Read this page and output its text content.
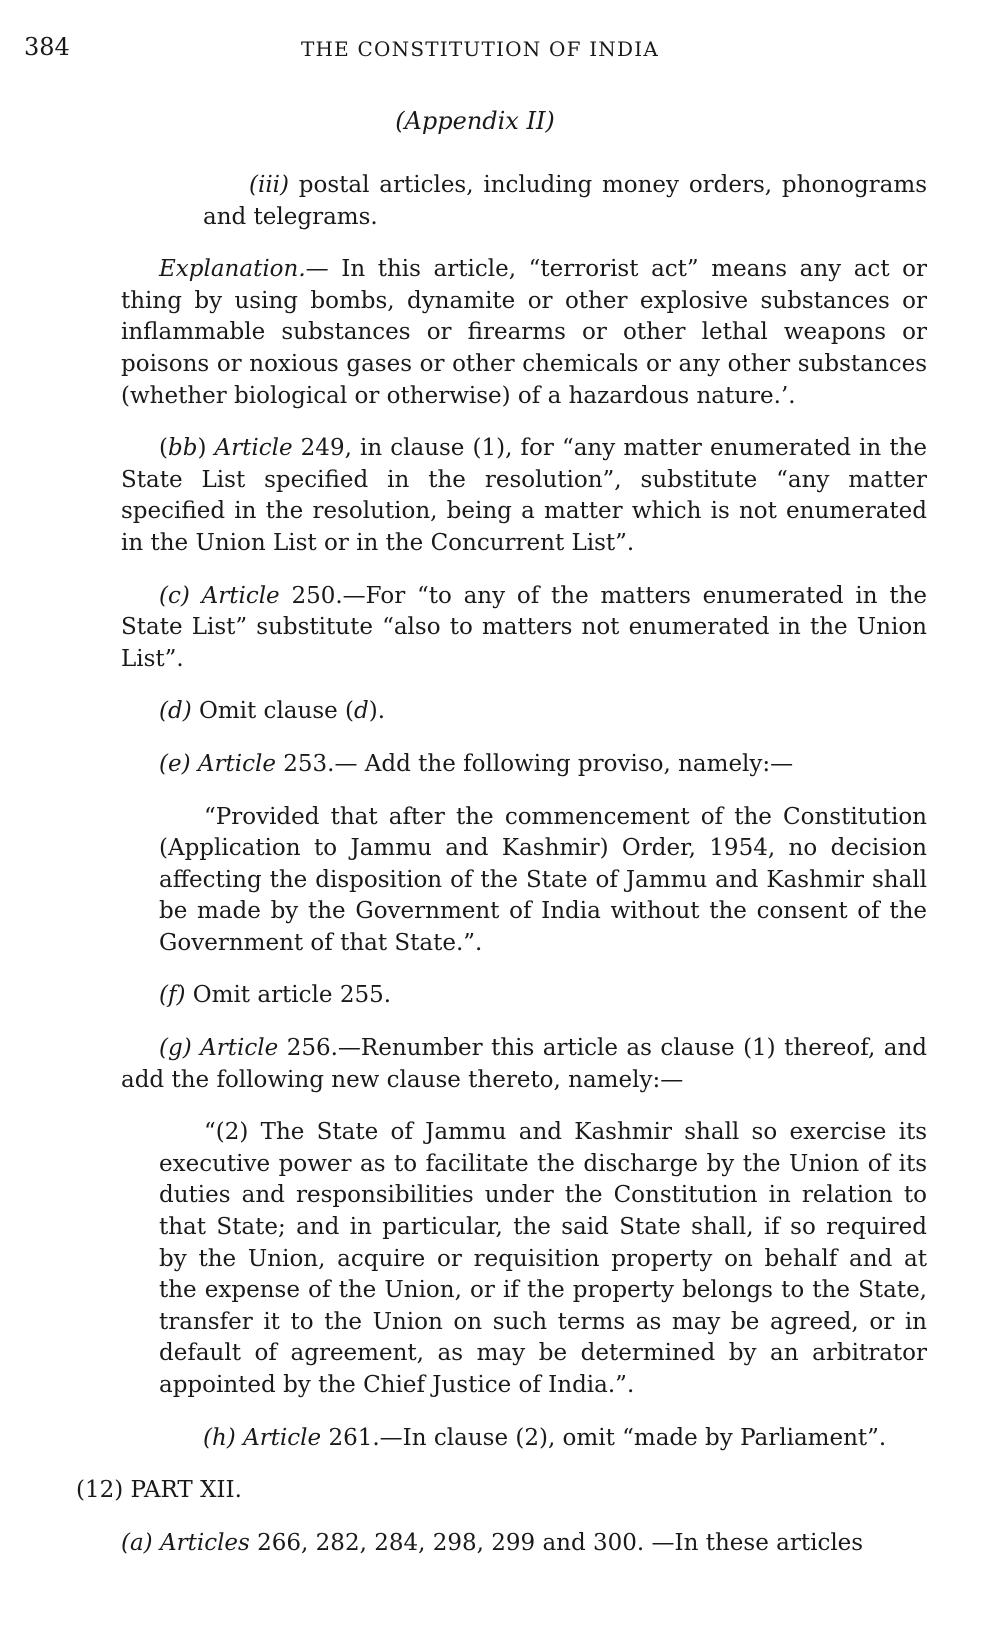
384	THE CONSTITUTION OF INDIA
(Appendix II)

(iii) postal articles, including money orders, phonograms and telegrams.

Explanation.— In this article, “terrorist act” means any act or thing by using bombs, dynamite or other explosive substances or inflammable substances or firearms or other lethal weapons or poisons or noxious gases or other chemicals or any other substances (whether biological or otherwise) of a hazardous nature.’.

(bb) Article 249, in clause (1), for “any matter enumerated in the State List specified in the resolution”, substitute “any matter specified in the resolution, being a matter which is not enumerated in the Union List or in the Concurrent List”.

(c) Article 250.—For “to any of the matters enumerated in the State List” substitute “also to matters not enumerated in the Union List”.

(d) Omit clause (d).

(e) Article 253.— Add the following proviso, namely:—

“Provided that after the commencement of the Constitution (Application to Jammu and Kashmir) Order, 1954, no decision affecting the disposition of the State of Jammu and Kashmir shall be made by the Government of India without the consent of the Government of that State.”.

(f) Omit article 255.

(g) Article 256.—Renumber this article as clause (1) thereof, and add the following new clause thereto, namely:—

“(2) The State of Jammu and Kashmir shall so exercise its executive power as to facilitate the discharge by the Union of its duties and responsibilities under the Constitution in relation to that State; and in particular, the said State shall, if so required by the Union, acquire or requisition property on behalf and at the expense of the Union, or if the property belongs to the State, transfer it to the Union on such terms as may be agreed, or in default of agreement, as may be determined by an arbitrator appointed by the Chief Justice of India.”.

(h) Article 261.—In clause (2), omit “made by Parliament”.

(12) PART XII.

(a) Articles 266, 282, 284, 298, 299 and 300. —In these articles
